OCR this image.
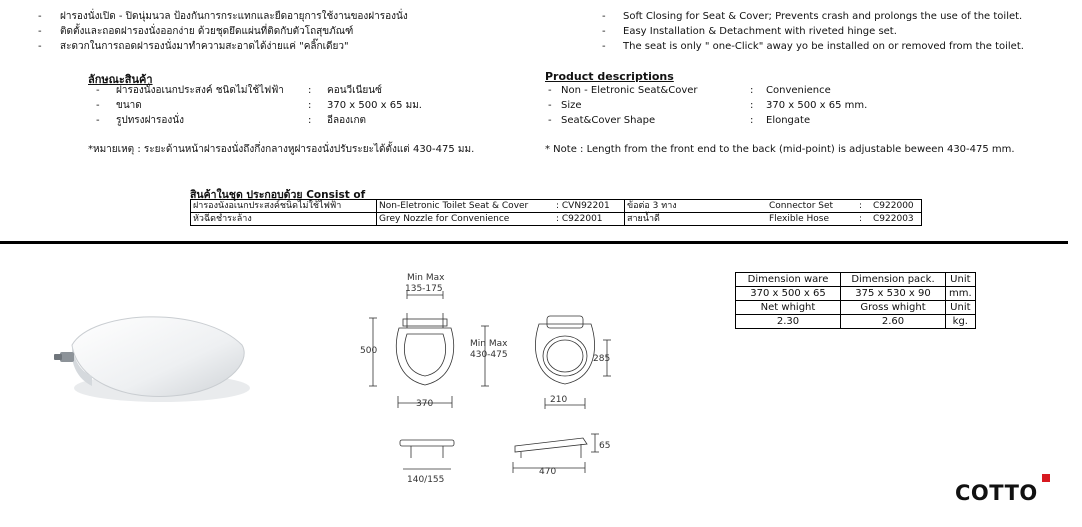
- ฝารองนั่งเปิด - ปิดนุ่มนวล ป้องกันการกระแทกและยืดอายุการใช้งานของฝารองนั่ง
- ติดตั้งและถอดฝารองนั่งออกง่าย ด้วยชุดยึดแผ่นที่ติดกับตัวโถสุขภัณฑ์
- สะดวกในการถอดฝารองนั่งมาทำความสะอาดได้ง่ายแค่ "คลิ๊กเดียว"
- Soft Closing for Seat & Cover; Prevents crash and prolongs the use of the toilet.
- Easy Installation & Detachment with riveted hinge set.
- The seat is only " one-Click" away yo be installed on or removed from the toilet.
ลักษณะสินค้า
- ฝารองนั่งอเนกประสงค์ ชนิดไม่ใช้ไฟฟ้า : คอนวีเนียนซ์
- ขนาด	: 370 x 500 x 65 มม.
- รูปทรงฝารองนั่ง	: อีลองเกต
*หมายเหตุ : ระยะด้านหน้าฝารองนั่งถึงกึ่งกลางหูฝารองนั่งปรับระยะได้ตั้งแต่ 430-475 มม.
Product descriptions
- Non - Eletronic Seat&Cover	: Convenience
- Size	: 370 x 500 x 65 mm.
- Seat&Cover Shape	: Elongate
* Note : Length from the front end to the back (mid-point) is adjustable beween 430-475 mm.
สินค้าในชุด ประกอบด้วย Consist of
ฝารองนั่งอเนกประสงค์ชนิดไม่ใช้ไฟฟ้า	Non-Eletronic Toilet Seat & Cover	: CVN92201	ข้อต่อ 3 ทาง	Connector Set	:	C922000
หัวฉีดชำระล้าง	Grey Nozzle for Convenience	: C922001	สายน้ำดี	Flexible Hose	:	C922003
Min Max
135-175
500
Min Max
430-475
370
285
210
140/155
65
470
Dimension ware	Dimension pack.	Unit
370 x 500 x 65	375 x 530 x 90	mm.
Net whight	Gross whight	Unit
2.30	2.60	kg.
COTTO
